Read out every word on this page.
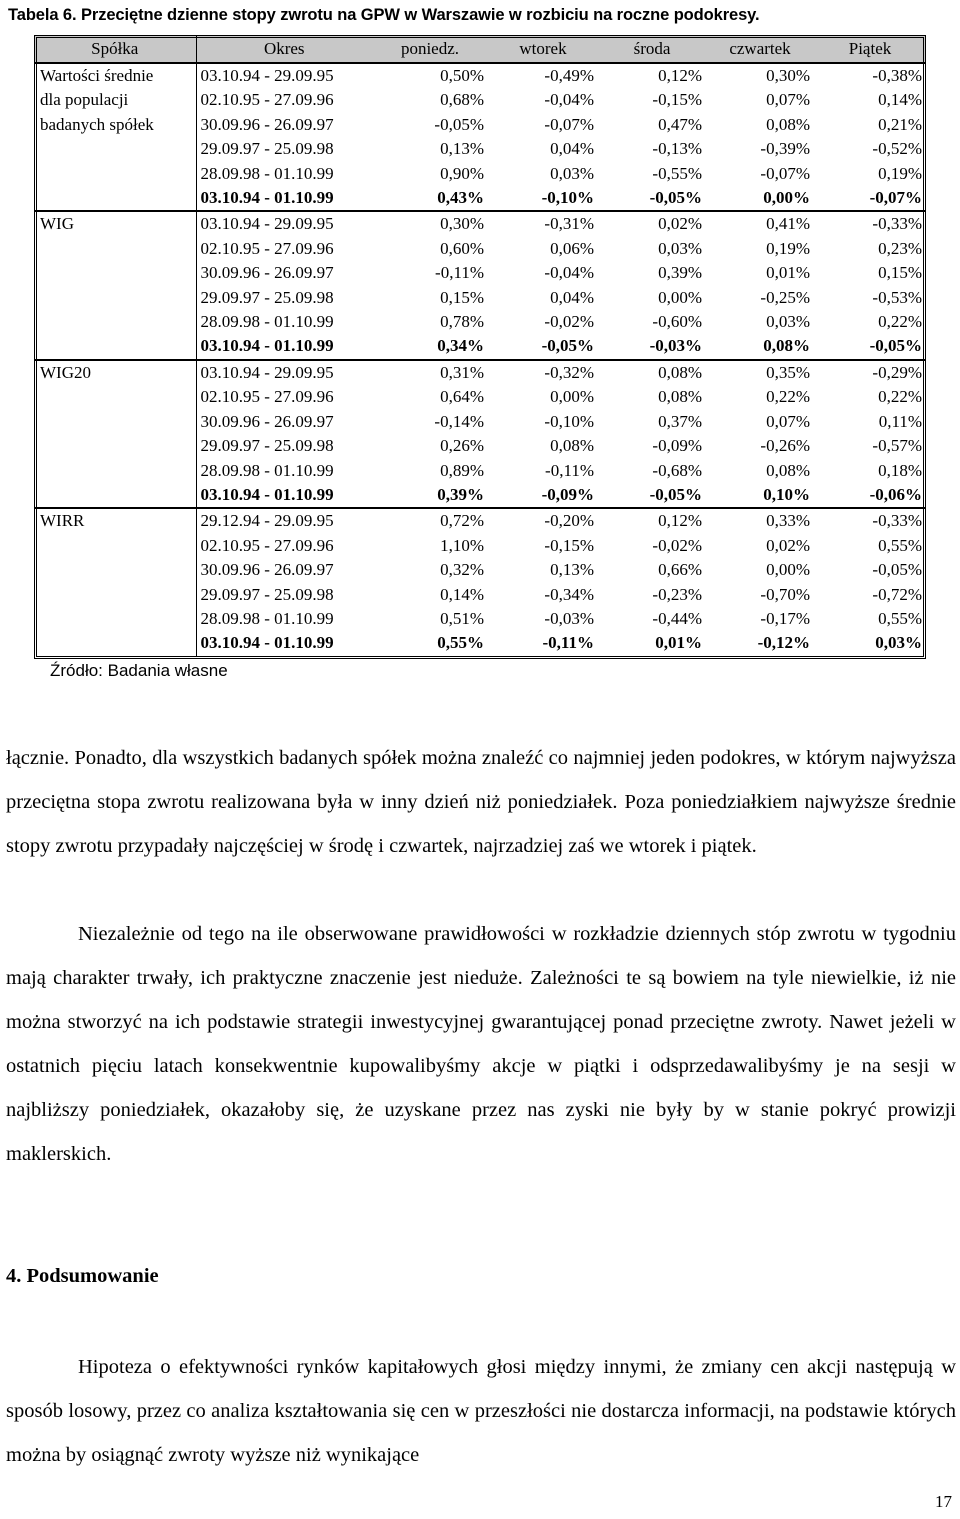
Tabela 6. Przeciętne dzienne stopy zwrotu na GPW w Warszawie w rozbiciu na roczne podokresy.
Spółka	Okres	poniedz.	wtorek	środa	czwartek	Piątek
Wartości średnie	03.10.94 - 29.09.95	0,50%	-0,49%	0,12%	0,30%	-0,38%
dla populacji	02.10.95 - 27.09.96	0,68%	-0,04%	-0,15%	0,07%	0,14%
badanych spółek	30.09.96 - 26.09.97	-0,05%	-0,07%	0,47%	0,08%	0,21%
	29.09.97 - 25.09.98	0,13%	0,04%	-0,13%	-0,39%	-0,52%
	28.09.98 - 01.10.99	0,90%	0,03%	-0,55%	-0,07%	0,19%
	03.10.94 - 01.10.99	0,43%	-0,10%	-0,05%	0,00%	-0,07%
WIG	03.10.94 - 29.09.95	0,30%	-0,31%	0,02%	0,41%	-0,33%
	02.10.95 - 27.09.96	0,60%	0,06%	0,03%	0,19%	0,23%
	30.09.96 - 26.09.97	-0,11%	-0,04%	0,39%	0,01%	0,15%
	29.09.97 - 25.09.98	0,15%	0,04%	0,00%	-0,25%	-0,53%
	28.09.98 - 01.10.99	0,78%	-0,02%	-0,60%	0,03%	0,22%
	03.10.94 - 01.10.99	0,34%	-0,05%	-0,03%	0,08%	-0,05%
WIG20	03.10.94 - 29.09.95	0,31%	-0,32%	0,08%	0,35%	-0,29%
	02.10.95 - 27.09.96	0,64%	0,00%	0,08%	0,22%	0,22%
	30.09.96 - 26.09.97	-0,14%	-0,10%	0,37%	0,07%	0,11%
	29.09.97 - 25.09.98	0,26%	0,08%	-0,09%	-0,26%	-0,57%
	28.09.98 - 01.10.99	0,89%	-0,11%	-0,68%	0,08%	0,18%
	03.10.94 - 01.10.99	0,39%	-0,09%	-0,05%	0,10%	-0,06%
WIRR	29.12.94 - 29.09.95	0,72%	-0,20%	0,12%	0,33%	-0,33%
	02.10.95 - 27.09.96	1,10%	-0,15%	-0,02%	0,02%	0,55%
	30.09.96 - 26.09.97	0,32%	0,13%	0,66%	0,00%	-0,05%
	29.09.97 - 25.09.98	0,14%	-0,34%	-0,23%	-0,70%	-0,72%
	28.09.98 - 01.10.99	0,51%	-0,03%	-0,44%	-0,17%	0,55%
	03.10.94 - 01.10.99	0,55%	-0,11%	0,01%	-0,12%	0,03%
Źródło: Badania własne
łącznie. Ponadto, dla wszystkich badanych spółek można znaleźć co najmniej jeden podokres, w którym najwyższa przeciętna stopa zwrotu realizowana była w inny dzień niż poniedziałek. Poza poniedziałkiem najwyższe średnie stopy zwrotu przypadały najczęściej w środę i czwartek, najrzadziej zaś we wtorek i piątek.
Niezależnie od tego na ile obserwowane prawidłowości w rozkładzie dziennych stóp zwrotu w tygodniu mają charakter trwały, ich praktyczne znaczenie jest nieduże. Zależności te są bowiem na tyle niewielkie, iż nie można stworzyć na ich podstawie strategii inwestycyjnej gwarantującej ponad przeciętne zwroty. Nawet jeżeli w ostatnich pięciu latach konsekwentnie kupowalibyśmy akcje w piątki i odsprzedawalibyśmy je na sesji w najbliższy poniedziałek, okazałoby się, że uzyskane przez nas zyski nie były by w stanie pokryć prowizji maklerskich.
4. Podsumowanie
Hipoteza o efektywności rynków kapitałowych głosi między innymi, że zmiany cen akcji następują w sposób losowy, przez co analiza kształtowania się cen w przeszłości nie dostarcza informacji, na podstawie których można by osiągnąć zwroty wyższe niż wynikające
17
